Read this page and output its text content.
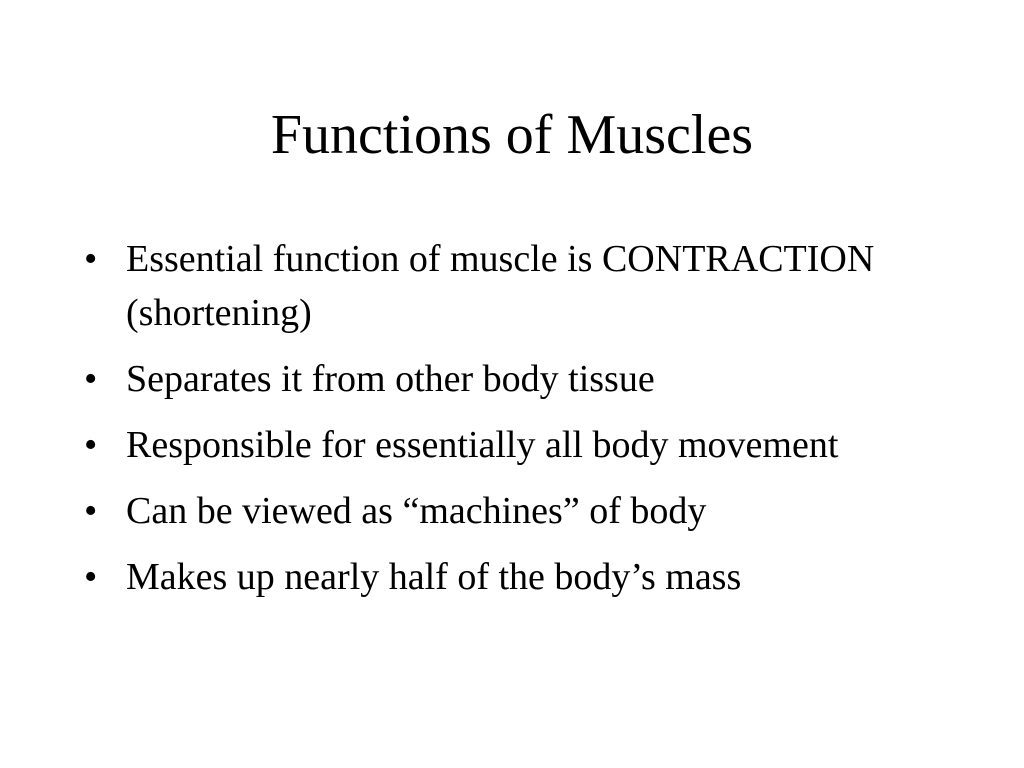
Functions of Muscles
• Essential function of muscle is CONTRACTION (shortening)
• Separates it from other body tissue
• Responsible for essentially all body movement
• Can be viewed as “machines” of body
• Makes up nearly half of the body’s mass
